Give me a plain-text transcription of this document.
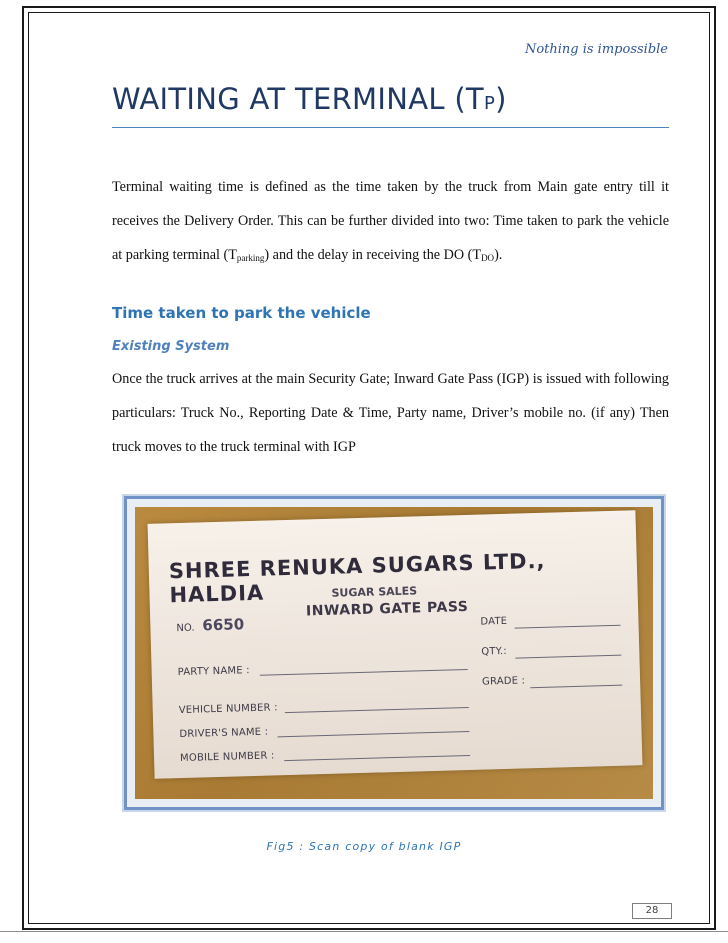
Nothing is impossible
WAITING AT TERMINAL (TP)
Terminal waiting time is defined as the time taken by the truck from Main gate entry till it receives the Delivery Order. This can be further divided into two: Time taken to park the vehicle at parking terminal $(T_{parking})$ and the delay in receiving the DO $(T_{DO})$.
Time taken to park the vehicle
Existing System
Once the truck arrives at the main Security Gate; Inward Gate Pass (IGP) is issued with following particulars: Truck No., Reporting Date & Time, Party name, Driver’s mobile no. (if any) Then truck moves to the truck terminal with IGP
SHREE RENUKA SUGARS LTD., HALDIA	SUGAR SALES
INWARD GATE PASS
NO. 6650	DATE
QTY.:
GRADE :
PARTY NAME :
VEHICLE NUMBER :
DRIVER'S NAME :
MOBILE NUMBER :
Fig5 : Scan copy of blank IGP
28
